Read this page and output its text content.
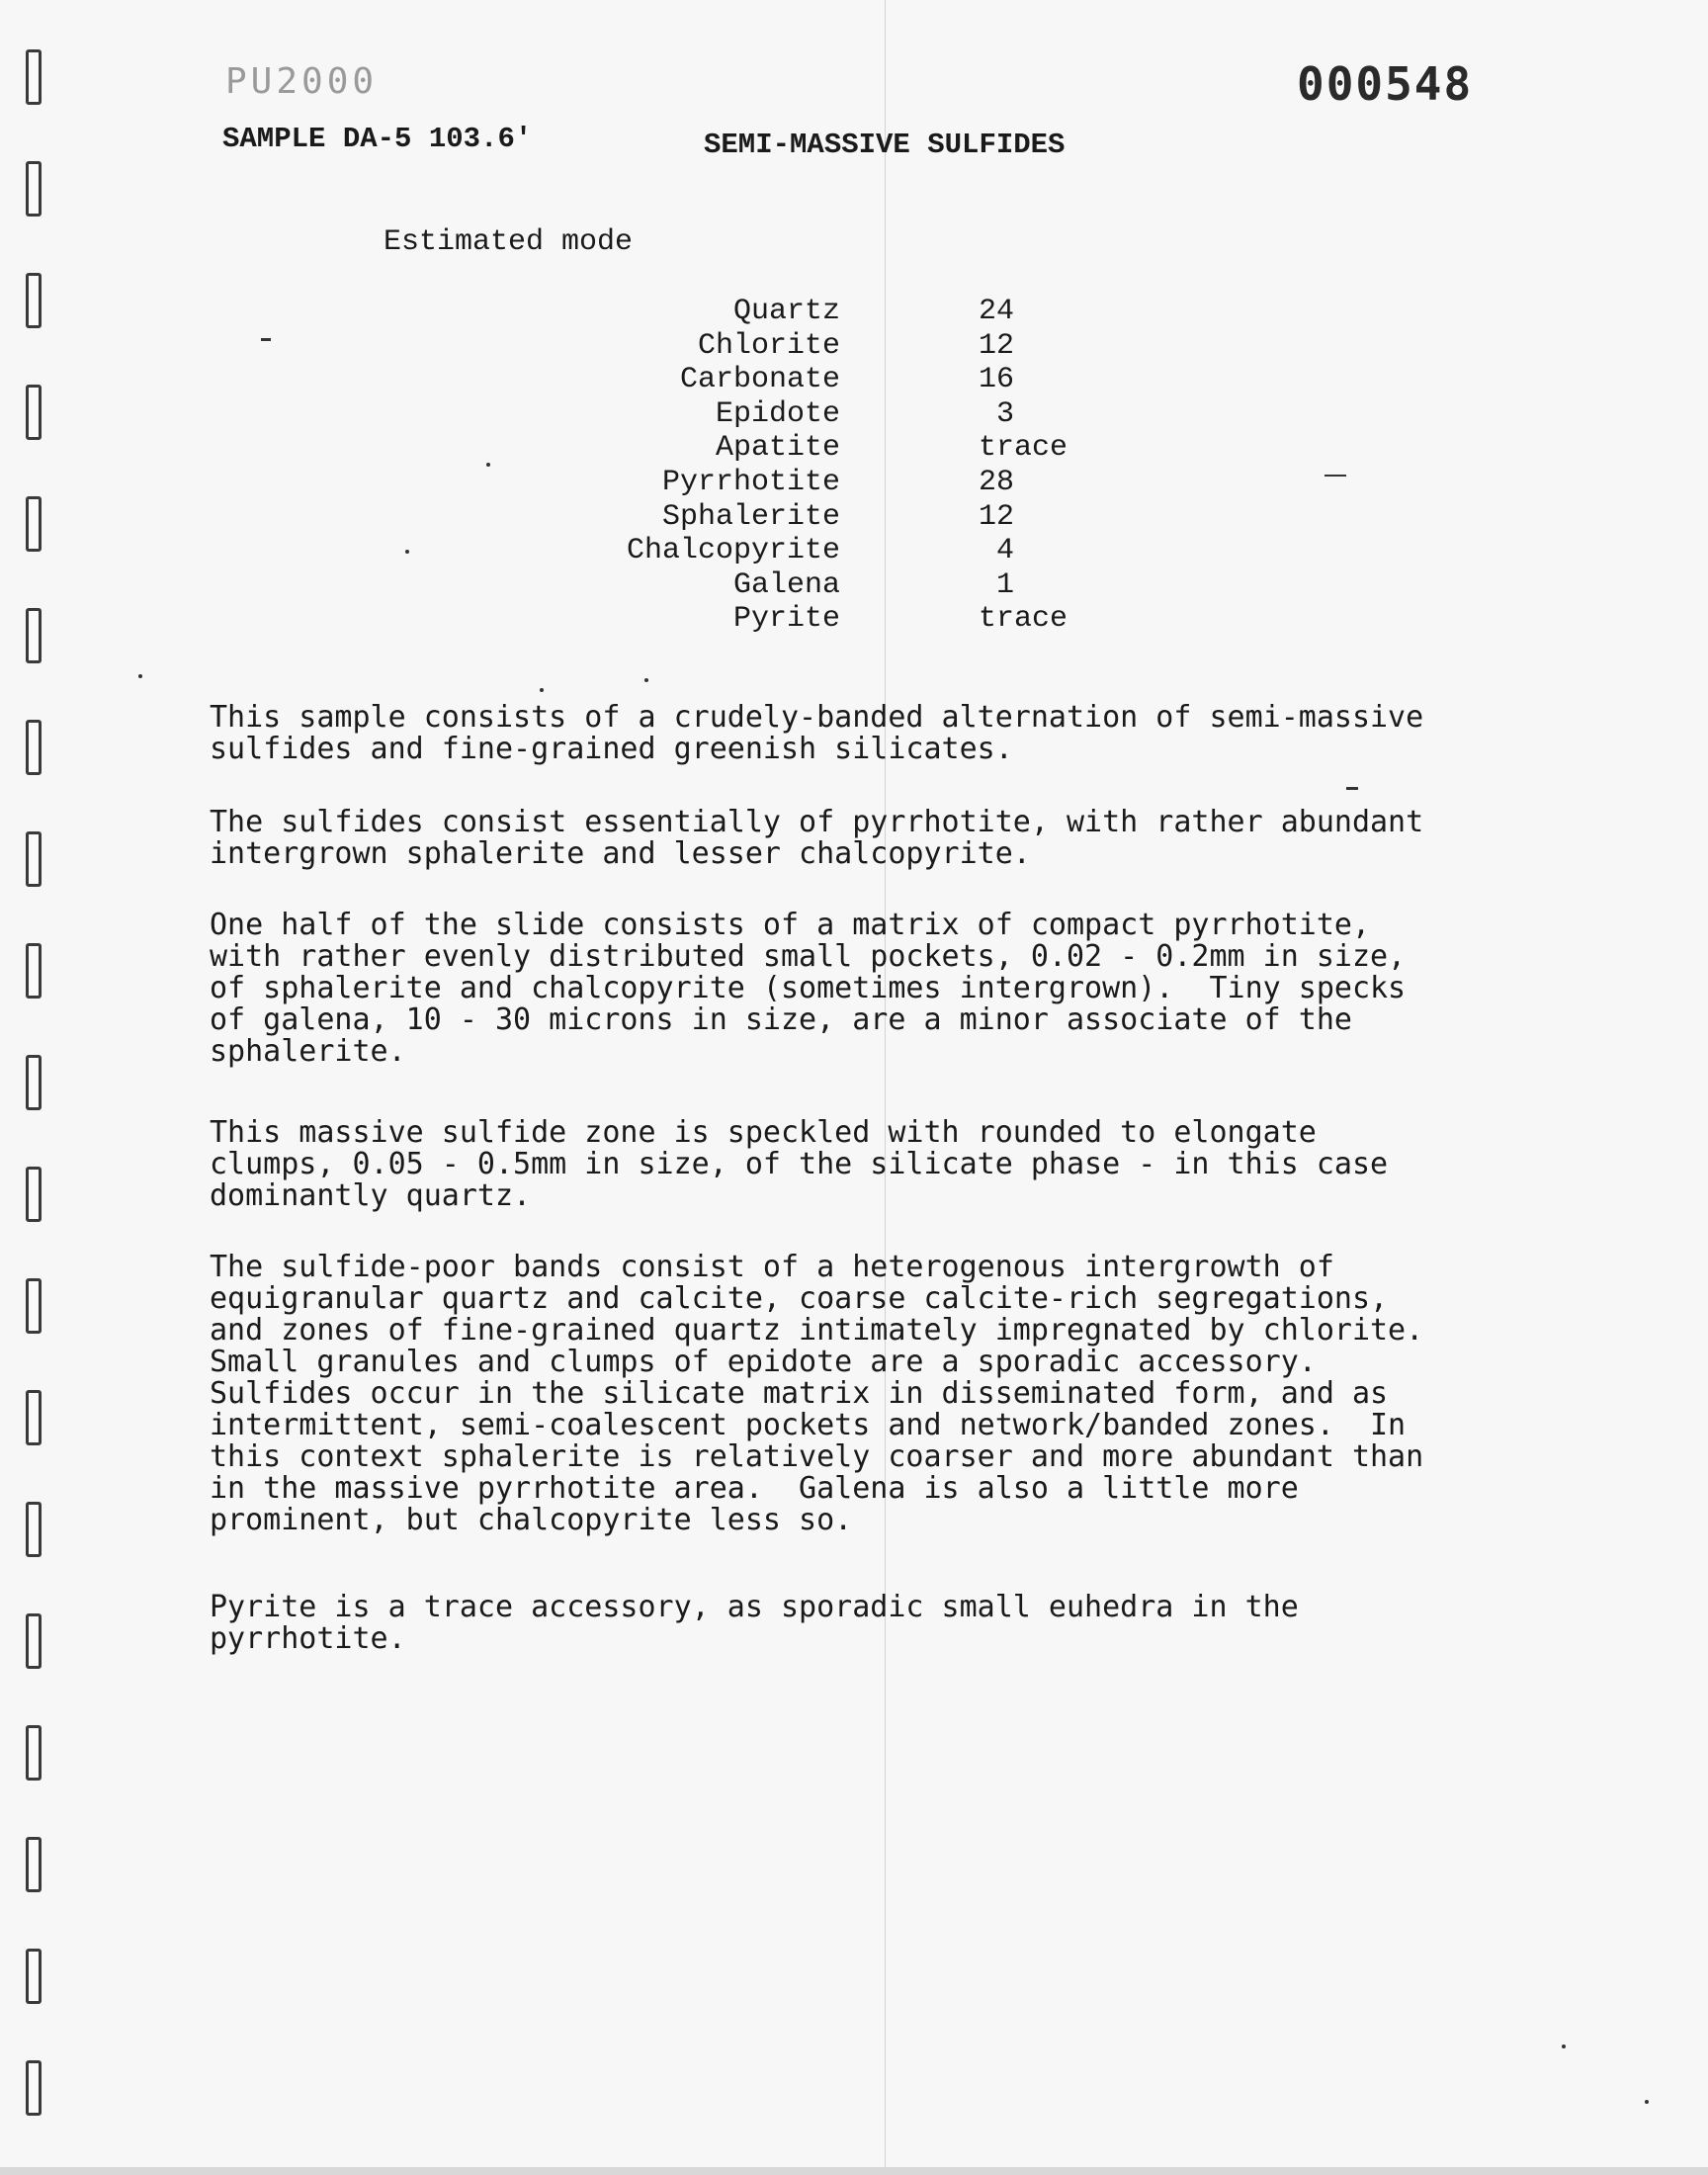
PU2000	000548
SAMPLE DA-5 103.6'	SEMI-MASSIVE SULFIDES
Estimated mode
Quartz	24
Chlorite	12
Carbonate	16
Epidote	3
Apatite	trace
Pyrrhotite	28
Sphalerite	12
Chalcopyrite	4
Galena	1
Pyrite	trace
This sample consists of a crudely-banded alternation of semi-massive
sulfides and fine-grained greenish silicates.
The sulfides consist essentially of pyrrhotite, with rather abundant
intergrown sphalerite and lesser chalcopyrite.
One half of the slide consists of a matrix of compact pyrrhotite,
with rather evenly distributed small pockets, 0.02 - 0.2mm in size,
of sphalerite and chalcopyrite (sometimes intergrown).  Tiny specks
of galena, 10 - 30 microns in size, are a minor associate of the
sphalerite.
This massive sulfide zone is speckled with rounded to elongate
clumps, 0.05 - 0.5mm in size, of the silicate phase - in this case
dominantly quartz.
The sulfide-poor bands consist of a heterogenous intergrowth of
equigranular quartz and calcite, coarse calcite-rich segregations,
and zones of fine-grained quartz intimately impregnated by chlorite.
Small granules and clumps of epidote are a sporadic accessory.
Sulfides occur in the silicate matrix in disseminated form, and as
intermittent, semi-coalescent pockets and network/banded zones.  In
this context sphalerite is relatively coarser and more abundant than
in the massive pyrrhotite area.  Galena is also a little more
prominent, but chalcopyrite less so.
Pyrite is a trace accessory, as sporadic small euhedra in the
pyrrhotite.
